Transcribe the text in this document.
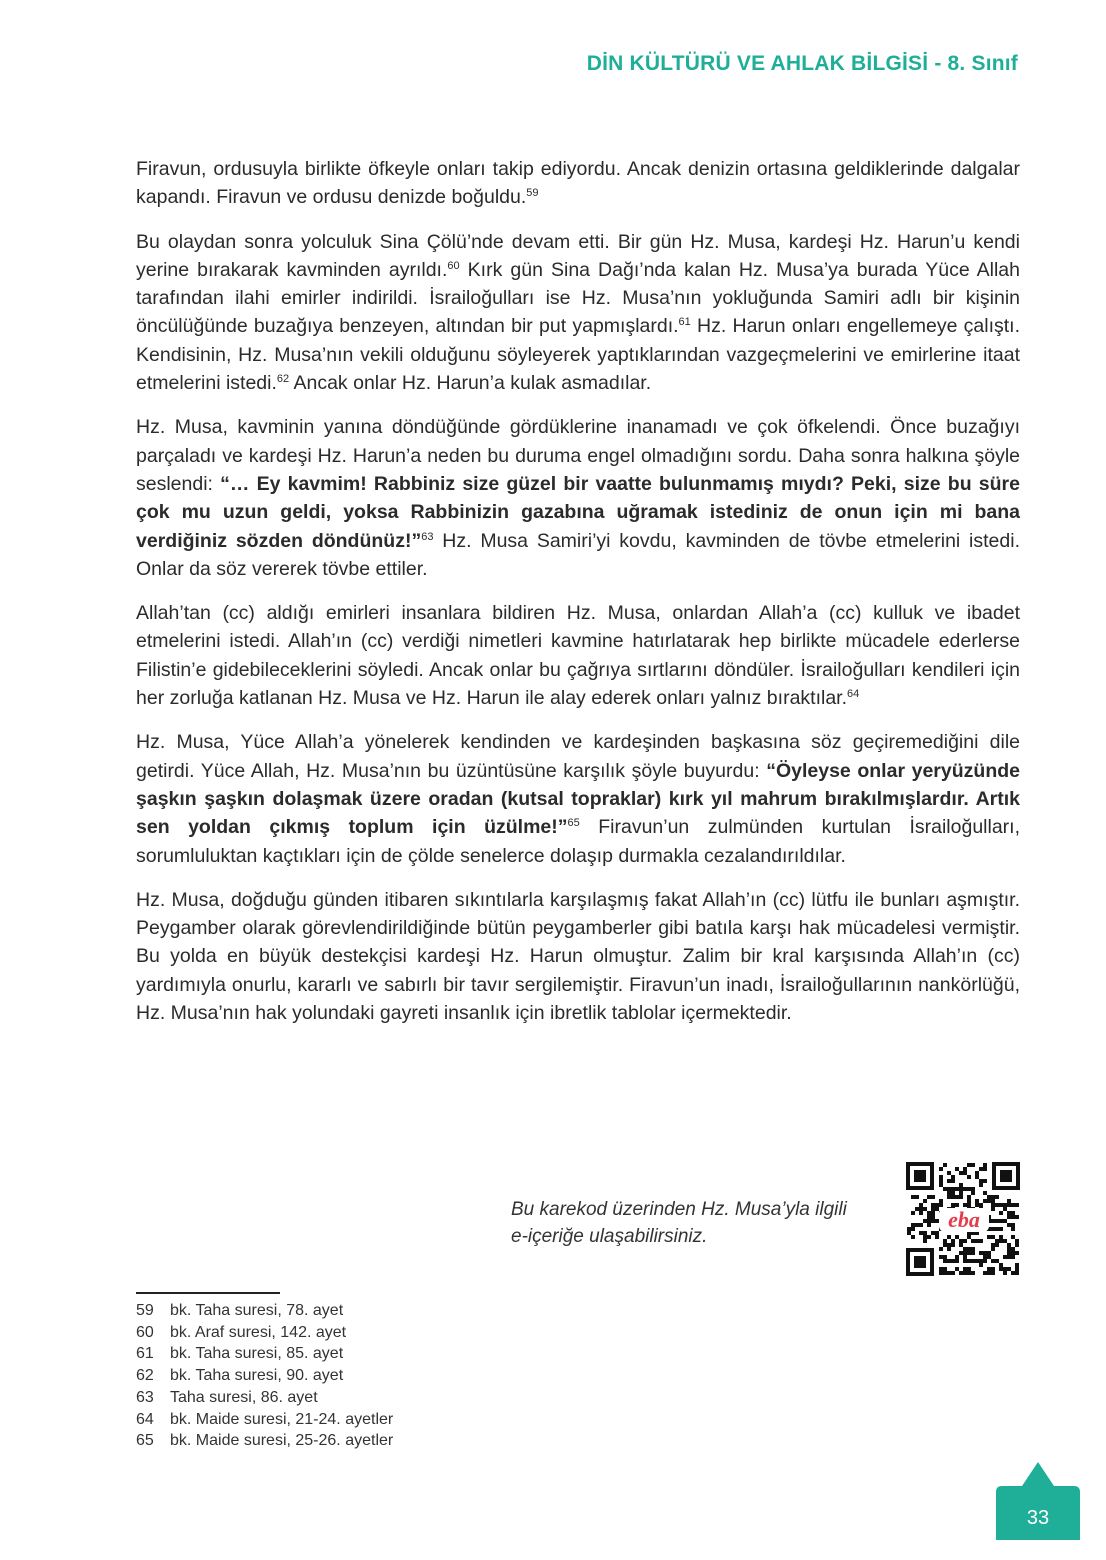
DİN KÜLTÜRÜ VE AHLAK BİLGİSİ - 8. Sınıf

Firavun, ordusuyla birlikte öfkeyle onları takip ediyordu. Ancak denizin ortasına geldiklerinde dalgalar kapandı. Firavun ve ordusu denizde boğuldu.$^{59}$

Bu olaydan sonra yolculuk Sina Çölü’nde devam etti. Bir gün Hz. Musa, kardeşi Hz. Harun’u kendi yerine bırakarak kavminden ayrıldı.$^{60}$ Kırk gün Sina Dağı’nda kalan Hz. Musa’ya burada Yüce Allah tarafından ilahi emirler indirildi. İsrailoğulları ise Hz. Musa’nın yokluğunda Samiri adlı bir kişinin öncülüğünde buzağıya benzeyen, altından bir put yapmışlardı.$^{61}$ Hz. Harun onları engellemeye çalıştı. Kendisinin, Hz. Musa’nın vekili olduğunu söyleyerek yaptıklarından vazgeçmelerini ve emirlerine itaat etmelerini istedi.$^{62}$ Ancak onlar Hz. Harun’a kulak asmadılar.

Hz. Musa, kavminin yanına döndüğünde gördüklerine inanamadı ve çok öfkelendi. Önce buzağıyı parçaladı ve kardeşi Hz. Harun’a neden bu duruma engel olmadığını sordu. Daha sonra halkına şöyle seslendi: “… Ey kavmim! Rabbiniz size güzel bir vaatte bulunmamış mıydı? Peki, size bu süre çok mu uzun geldi, yoksa Rabbinizin gazabına uğramak istediniz de onun için mi bana verdiğiniz sözden döndünüz!”$^{63}$ Hz. Musa Samiri’yi kovdu, kavminden de tövbe etmelerini istedi. Onlar da söz vererek tövbe ettiler.

Allah’tan (cc) aldığı emirleri insanlara bildiren Hz. Musa, onlardan Allah’a (cc) kulluk ve ibadet etmelerini istedi. Allah’ın (cc) verdiği nimetleri kavmine hatırlatarak hep birlikte mücadele ederlerse Filistin’e gidebileceklerini söyledi. Ancak onlar bu çağrıya sırtlarını döndüler. İsrailoğulları kendileri için her zorluğa katlanan Hz. Musa ve Hz. Harun ile alay ederek onları yalnız bıraktılar.$^{64}$

Hz. Musa, Yüce Allah’a yönelerek kendinden ve kardeşinden başkasına söz geçiremediğini dile getirdi. Yüce Allah, Hz. Musa’nın bu üzüntüsüne karşılık şöyle buyurdu: “Öyleyse onlar yeryüzünde şaşkın şaşkın dolaşmak üzere oradan (kutsal topraklar) kırk yıl mahrum bırakılmışlardır. Artık sen yoldan çıkmış toplum için üzülme!”$^{65}$ Firavun’un zulmünden kurtulan İsrailoğulları, sorumluluktan kaçtıkları için de çölde senelerce dolaşıp durmakla cezalandırıldılar.

Hz. Musa, doğduğu günden itibaren sıkıntılarla karşılaşmış fakat Allah’ın (cc) lütfu ile bunları aşmıştır. Peygamber olarak görevlendirildiğinde bütün peygamberler gibi batıla karşı hak mücadelesi vermiştir. Bu yolda en büyük destekçisi kardeşi Hz. Harun olmuştur. Zalim bir kral karşısında Allah’ın (cc) yardımıyla onurlu, kararlı ve sabırlı bir tavır sergilemiştir. Firavun’un inadı, İsrailoğullarının nankörlüğü, Hz. Musa’nın hak yolundaki gayreti insanlık için ibretlik tablolar içermektedir.

Bu karekod üzerinden Hz. Musa’yla ilgili
e-içeriğe ulaşabilirsiniz.
eba
59	bk. Taha suresi, 78. ayet
60	bk. Araf suresi, 142. ayet
61	bk. Taha suresi, 85. ayet
62	bk. Taha suresi, 90. ayet
63	Taha suresi, 86. ayet
64	bk. Maide suresi, 21-24. ayetler
65	bk. Maide suresi, 25-26. ayetler
33
